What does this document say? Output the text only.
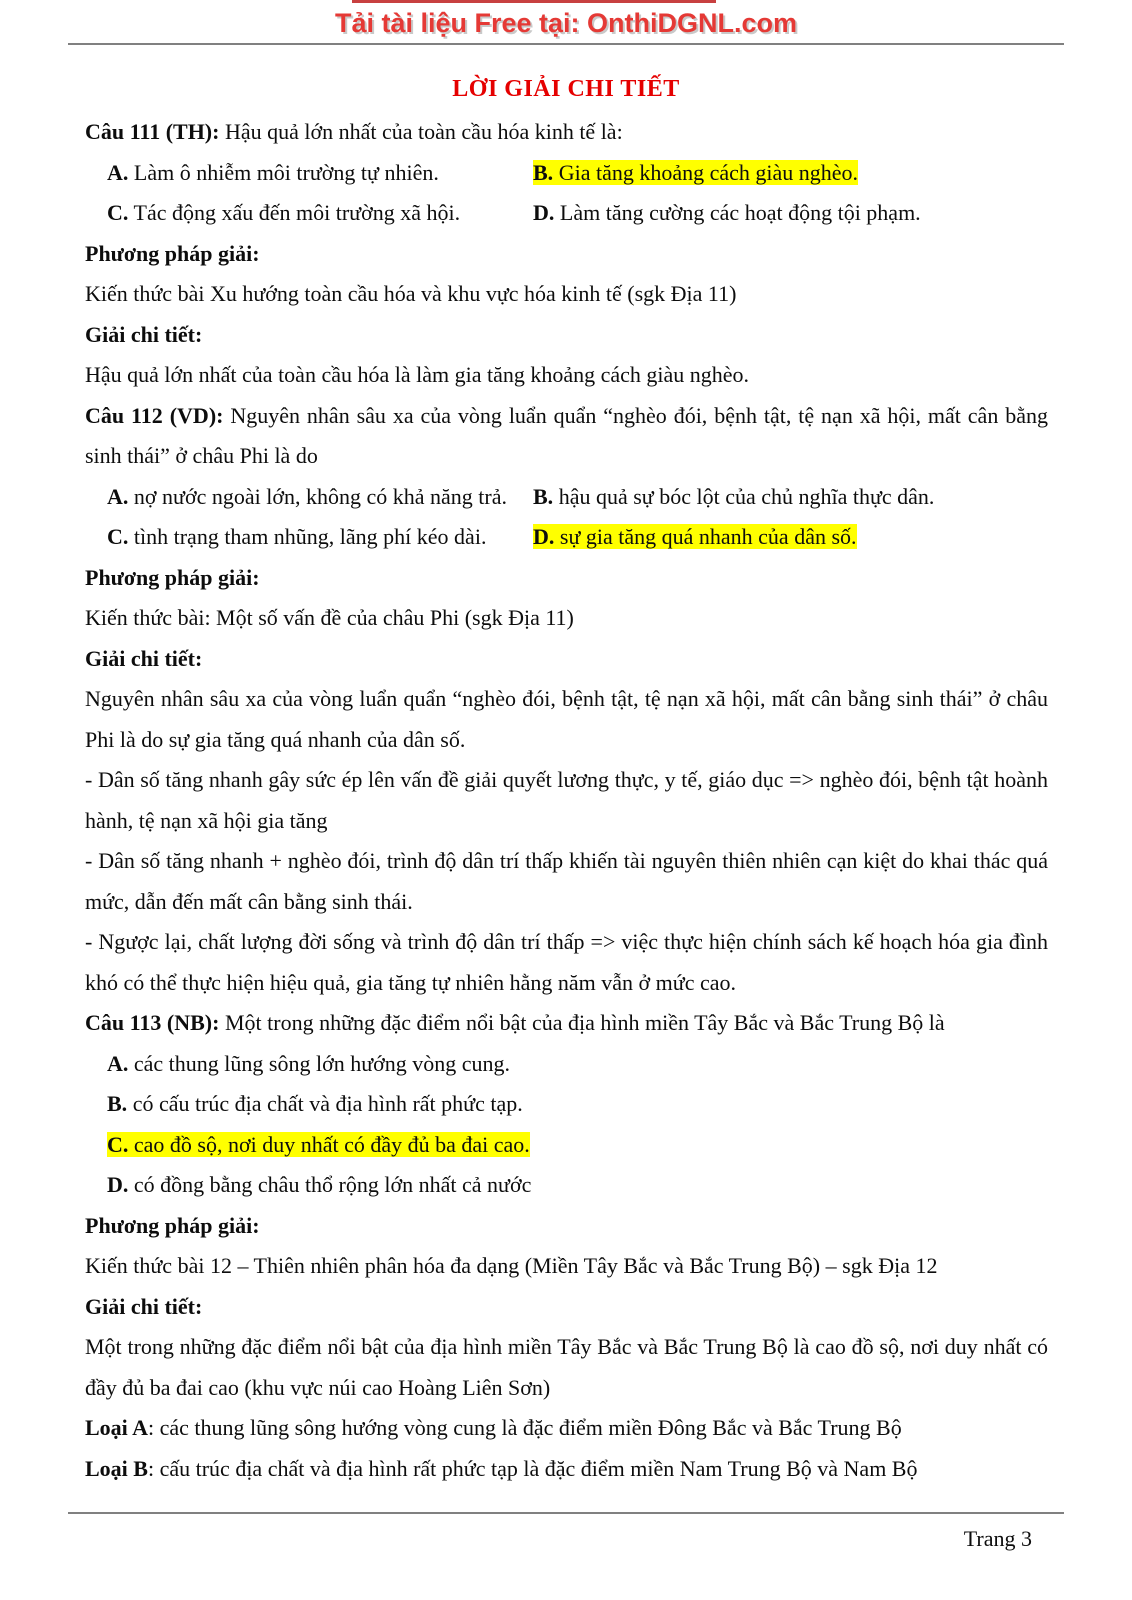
Tải tài liệu Free tại: OnthiDGNL.com
LỜI GIẢI CHI TIẾT

Câu 111 (TH): Hậu quả lớn nhất của toàn cầu hóa kinh tế là:

A. Làm ô nhiễm môi trường tự nhiên.	B. Gia tăng khoảng cách giàu nghèo.
C. Tác động xấu đến môi trường xã hội.	D. Làm tăng cường các hoạt động tội phạm.

Phương pháp giải:

Kiến thức bài Xu hướng toàn cầu hóa và khu vực hóa kinh tế (sgk Địa 11)

Giải chi tiết:

Hậu quả lớn nhất của toàn cầu hóa là làm gia tăng khoảng cách giàu nghèo.

Câu 112 (VD): Nguyên nhân sâu xa của vòng luẩn quẩn “nghèo đói, bệnh tật, tệ nạn xã hội, mất cân bằng sinh thái” ở châu Phi là do

A. nợ nước ngoài lớn, không có khả năng trả.	B. hậu quả sự bóc lột của chủ nghĩa thực dân.
C. tình trạng tham nhũng, lãng phí kéo dài.	D. sự gia tăng quá nhanh của dân số.

Phương pháp giải:

Kiến thức bài: Một số vấn đề của châu Phi (sgk Địa 11)

Giải chi tiết:

Nguyên nhân sâu xa của vòng luẩn quẩn “nghèo đói, bệnh tật, tệ nạn xã hội, mất cân bằng sinh thái” ở châu Phi là do sự gia tăng quá nhanh của dân số.

- Dân số tăng nhanh gây sức ép lên vấn đề giải quyết lương thực, y tế, giáo dục => nghèo đói, bệnh tật hoành hành, tệ nạn xã hội gia tăng

- Dân số tăng nhanh + nghèo đói, trình độ dân trí thấp khiến tài nguyên thiên nhiên cạn kiệt do khai thác quá mức, dẫn đến mất cân bằng sinh thái.

- Ngược lại, chất lượng đời sống và trình độ dân trí thấp => việc thực hiện chính sách kế hoạch hóa gia đình khó có thể thực hiện hiệu quả, gia tăng tự nhiên hằng năm vẫn ở mức cao.

Câu 113 (NB): Một trong những đặc điểm nổi bật của địa hình miền Tây Bắc và Bắc Trung Bộ là

A. các thung lũng sông lớn hướng vòng cung.

B. có cấu trúc địa chất và địa hình rất phức tạp.

C. cao đồ sộ, nơi duy nhất có đầy đủ ba đai cao.

D. có đồng bằng châu thổ rộng lớn nhất cả nước

Phương pháp giải:

Kiến thức bài 12 – Thiên nhiên phân hóa đa dạng (Miền Tây Bắc và Bắc Trung Bộ) – sgk Địa 12

Giải chi tiết:

Một trong những đặc điểm nổi bật của địa hình miền Tây Bắc và Bắc Trung Bộ là cao đồ sộ, nơi duy nhất có đầy đủ ba đai cao (khu vực núi cao Hoàng Liên Sơn)

Loại A: các thung lũng sông hướng vòng cung là đặc điểm miền Đông Bắc và Bắc Trung Bộ

Loại B: cấu trúc địa chất và địa hình rất phức tạp là đặc điểm miền Nam Trung Bộ và Nam Bộ

Trang 3
